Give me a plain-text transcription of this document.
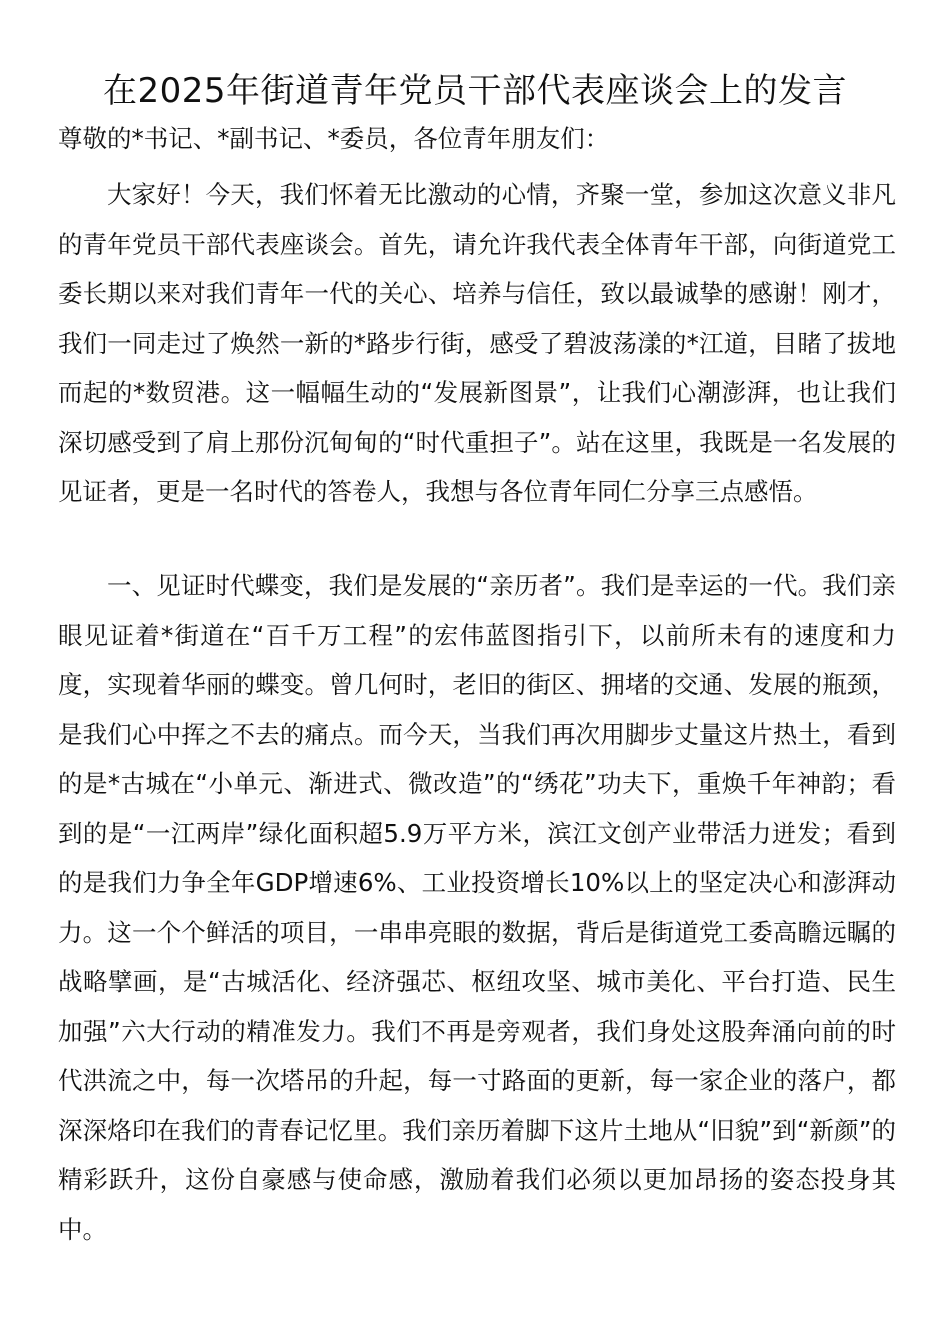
在2025年街道青年党员干部代表座谈会上的发言

尊敬的*书记、*副书记、*委员，各位青年朋友们：

大家好！今天，我们怀着无比激动的心情，齐聚一堂，参加这次意义非凡的青年党员干部代表座谈会。首先，请允许我代表全体青年干部，向街道党工委长期以来对我们青年一代的关心、培养与信任，致以最诚挚的感谢！刚才，我们一同走过了焕然一新的*路步行街，感受了碧波荡漾的*江道，目睹了拔地而起的*数贸港。这一幅幅生动的“发展新图景”，让我们心潮澎湃，也让我们深切感受到了肩上那份沉甸甸的“时代重担子”。站在这里，我既是一名发展的见证者，更是一名时代的答卷人，我想与各位青年同仁分享三点感悟。

一、见证时代蝶变，我们是发展的“亲历者”。我们是幸运的一代。我们亲眼见证着*街道在“百千万工程”的宏伟蓝图指引下，以前所未有的速度和力度，实现着华丽的蝶变。曾几何时，老旧的街区、拥堵的交通、发展的瓶颈，是我们心中挥之不去的痛点。而今天，当我们再次用脚步丈量这片热土，看到的是*古城在“小单元、渐进式、微改造”的“绣花”功夫下，重焕千年神韵；看到的是“一江两岸”绿化面积超5.9万平方米，滨江文创产业带活力迸发；看到的是我们力争全年GDP增速6%、工业投资增长10%以上的坚定决心和澎湃动力。这一个个鲜活的项目，一串串亮眼的数据，背后是街道党工委高瞻远瞩的战略擘画，是“古城活化、经济强芯、枢纽攻坚、城市美化、平台打造、民生加强”六大行动的精准发力。我们不再是旁观者，我们身处这股奔涌向前的时代洪流之中，每一次塔吊的升起，每一寸路面的更新，每一家企业的落户，都深深烙印在我们的青春记忆里。我们亲历着脚下这片土地从“旧貌”到“新颜”的精彩跃升，这份自豪感与使命感，激励着我们必须以更加昂扬的姿态投身其中。
